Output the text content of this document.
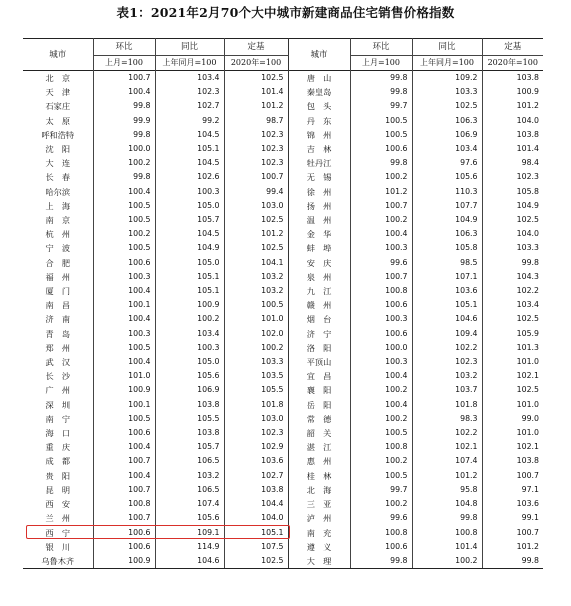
表1：2021年2月70个大中城市新建商品住宅销售价格指数
城市	环比	同比	定基	城市	环比	同比	定基
	上月=100	上年同月=100	2020年=100		上月=100	上年同月=100	2020年=100
北　京	100.7	103.4	102.5	唐　山	99.8	109.2	103.8
天　津	100.4	102.3	101.4	秦皇岛	99.8	103.3	100.9
石家庄	99.8	102.7	101.2	包　头	99.7	102.5	101.2
太　原	99.9	99.2	98.7	丹　东	100.5	106.3	104.0
呼和浩特	99.8	104.5	102.3	锦　州	100.5	106.9	103.8
沈　阳	100.0	105.1	102.3	吉　林	100.6	103.4	101.4
大　连	100.2	104.5	102.3	牡丹江	99.8	97.6	98.4
长　春	99.8	102.6	100.7	无　锡	100.2	105.6	102.3
哈尔滨	100.4	100.3	99.4	徐　州	101.2	110.3	105.8
上　海	100.5	105.0	103.0	扬　州	100.7	107.7	104.9
南　京	100.5	105.7	102.5	温　州	100.2	104.9	102.5
杭　州	100.2	104.5	101.2	金　华	100.4	106.3	104.0
宁　波	100.5	104.9	102.5	蚌　埠	100.3	105.8	103.3
合　肥	100.6	105.0	104.1	安　庆	99.6	98.5	99.8
福　州	100.3	105.1	103.2	泉　州	100.7	107.1	104.3
厦　门	100.4	105.1	103.2	九　江	100.8	103.6	102.2
南　昌	100.1	100.9	100.5	赣　州	100.6	105.1	103.4
济　南	100.4	100.2	101.0	烟　台	100.3	104.6	102.5
青　岛	100.3	103.4	102.0	济　宁	100.6	109.4	105.9
郑　州	100.5	100.3	100.2	洛　阳	100.0	102.2	101.3
武　汉	100.4	105.0	103.3	平顶山	100.3	102.3	101.0
长　沙	101.0	105.6	103.5	宜　昌	100.4	103.2	102.1
广　州	100.9	106.9	105.5	襄　阳	100.2	103.7	102.5
深　圳	100.1	103.8	101.8	岳　阳	100.4	101.8	101.0
南　宁	100.5	105.5	103.0	常　德	100.2	98.3	99.0
海　口	100.6	103.8	102.3	韶　关	100.5	102.2	101.0
重　庆	100.4	105.7	102.9	湛　江	100.8	102.1	102.1
成　都	100.7	106.5	103.6	惠　州	100.2	107.4	103.8
贵　阳	100.4	103.2	102.7	桂　林	100.5	101.2	100.7
昆　明	100.7	106.5	103.8	北　海	99.7	95.8	97.1
西　安	100.8	107.4	104.4	三　亚	100.2	104.8	103.6
兰　州	100.7	105.6	104.0	泸　州	99.6	99.8	99.1
西　宁	100.6	109.1	105.1	南　充	100.8	100.8	100.7
银　川	100.6	114.9	107.5	遵　义	100.6	101.4	101.2
乌鲁木齐	100.9	104.6	102.5	大　理	99.8	100.2	99.8
